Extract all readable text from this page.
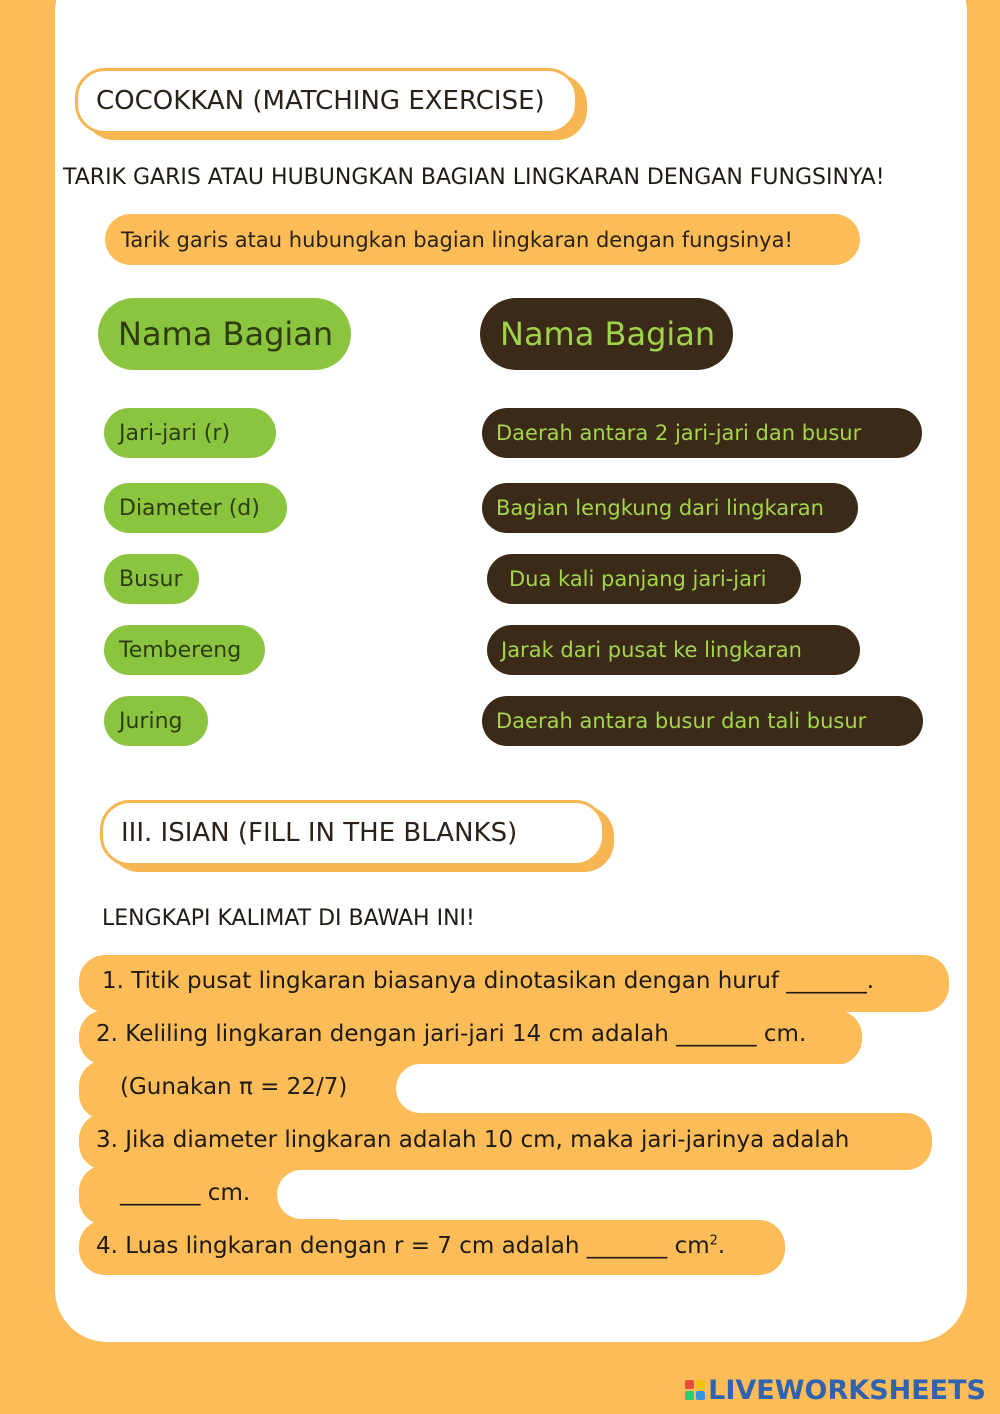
COCOKKAN (MATCHING EXERCISE)
TARIK GARIS ATAU HUBUNGKAN BAGIAN LINGKARAN DENGAN FUNGSINYA!
Tarik garis atau hubungkan bagian lingkaran dengan fungsinya!
Nama Bagian	Nama Bagian
Jari-jari (r)
Diameter (d)
Busur
Tembereng
Juring
Daerah antara 2 jari-jari dan busur
Bagian lengkung dari lingkaran
Dua kali panjang jari-jari
Jarak dari pusat ke lingkaran
Daerah antara busur dan tali busur
III. ISIAN (FILL IN THE BLANKS)
LENGKAPI KALIMAT DI BAWAH INI!
1. Titik pusat lingkaran biasanya dinotasikan dengan huruf _______.
2. Keliling lingkaran dengan jari-jari 14 cm adalah _______ cm.
(Gunakan π = 22/7)
3. Jika diameter lingkaran adalah 10 cm, maka jari-jarinya adalah
_______ cm.
4. Luas lingkaran dengan r = 7 cm adalah _______ $cm^2$.
LIVEWORKSHEETS
